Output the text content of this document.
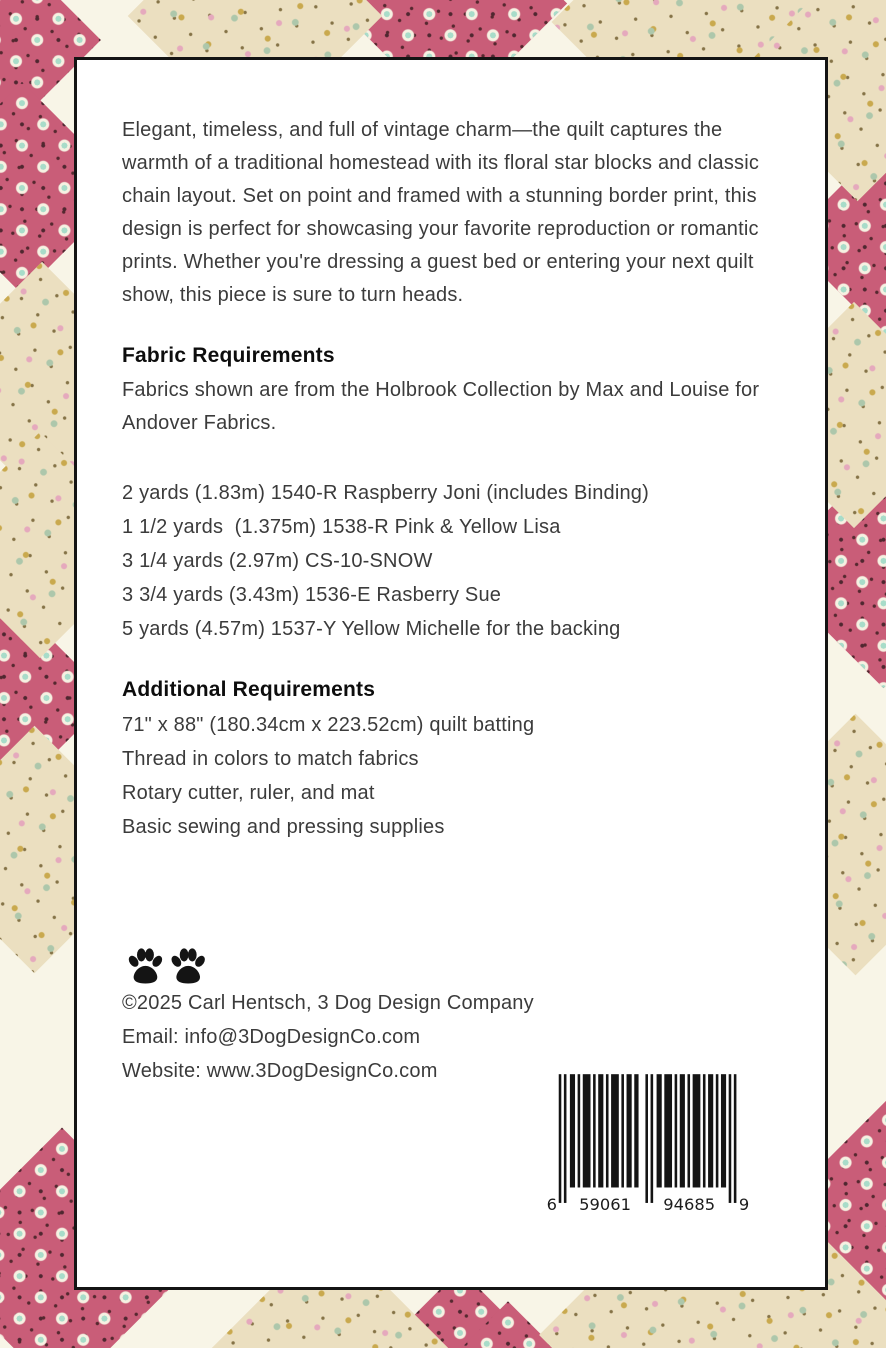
Elegant, timeless, and full of vintage charm—the quilt captures the warmth of a traditional homestead with its floral star blocks and classic chain layout. Set on point and framed with a stunning border print, this design is perfect for showcasing your favorite reproduction or romantic prints. Whether you're dressing a guest bed or entering your next quilt show, this piece is sure to turn heads.

Fabric Requirements

Fabrics shown are from the Holbrook Collection by Max and Louise for Andover Fabrics.

2 yards (1.83m) 1540-R Raspberry Joni (includes Binding)
1 1/2 yards  (1.375m) 1538-R Pink & Yellow Lisa
3 1/4 yards (2.97m) CS-10-SNOW
3 3/4 yards (3.43m) 1536-E Rasberry Sue
5 yards (4.57m) 1537-Y Yellow Michelle for the backing
Additional Requirements
71" x 88" (180.34cm x 223.52cm) quilt batting
Thread in colors to match fabrics
Rotary cutter, ruler, and mat
Basic sewing and pressing supplies
©2025 Carl Hentsch, 3 Dog Design Company
Email: info@3DogDesignCo.com
Website: www.3DogDesignCo.com
6 59061 94685 9
